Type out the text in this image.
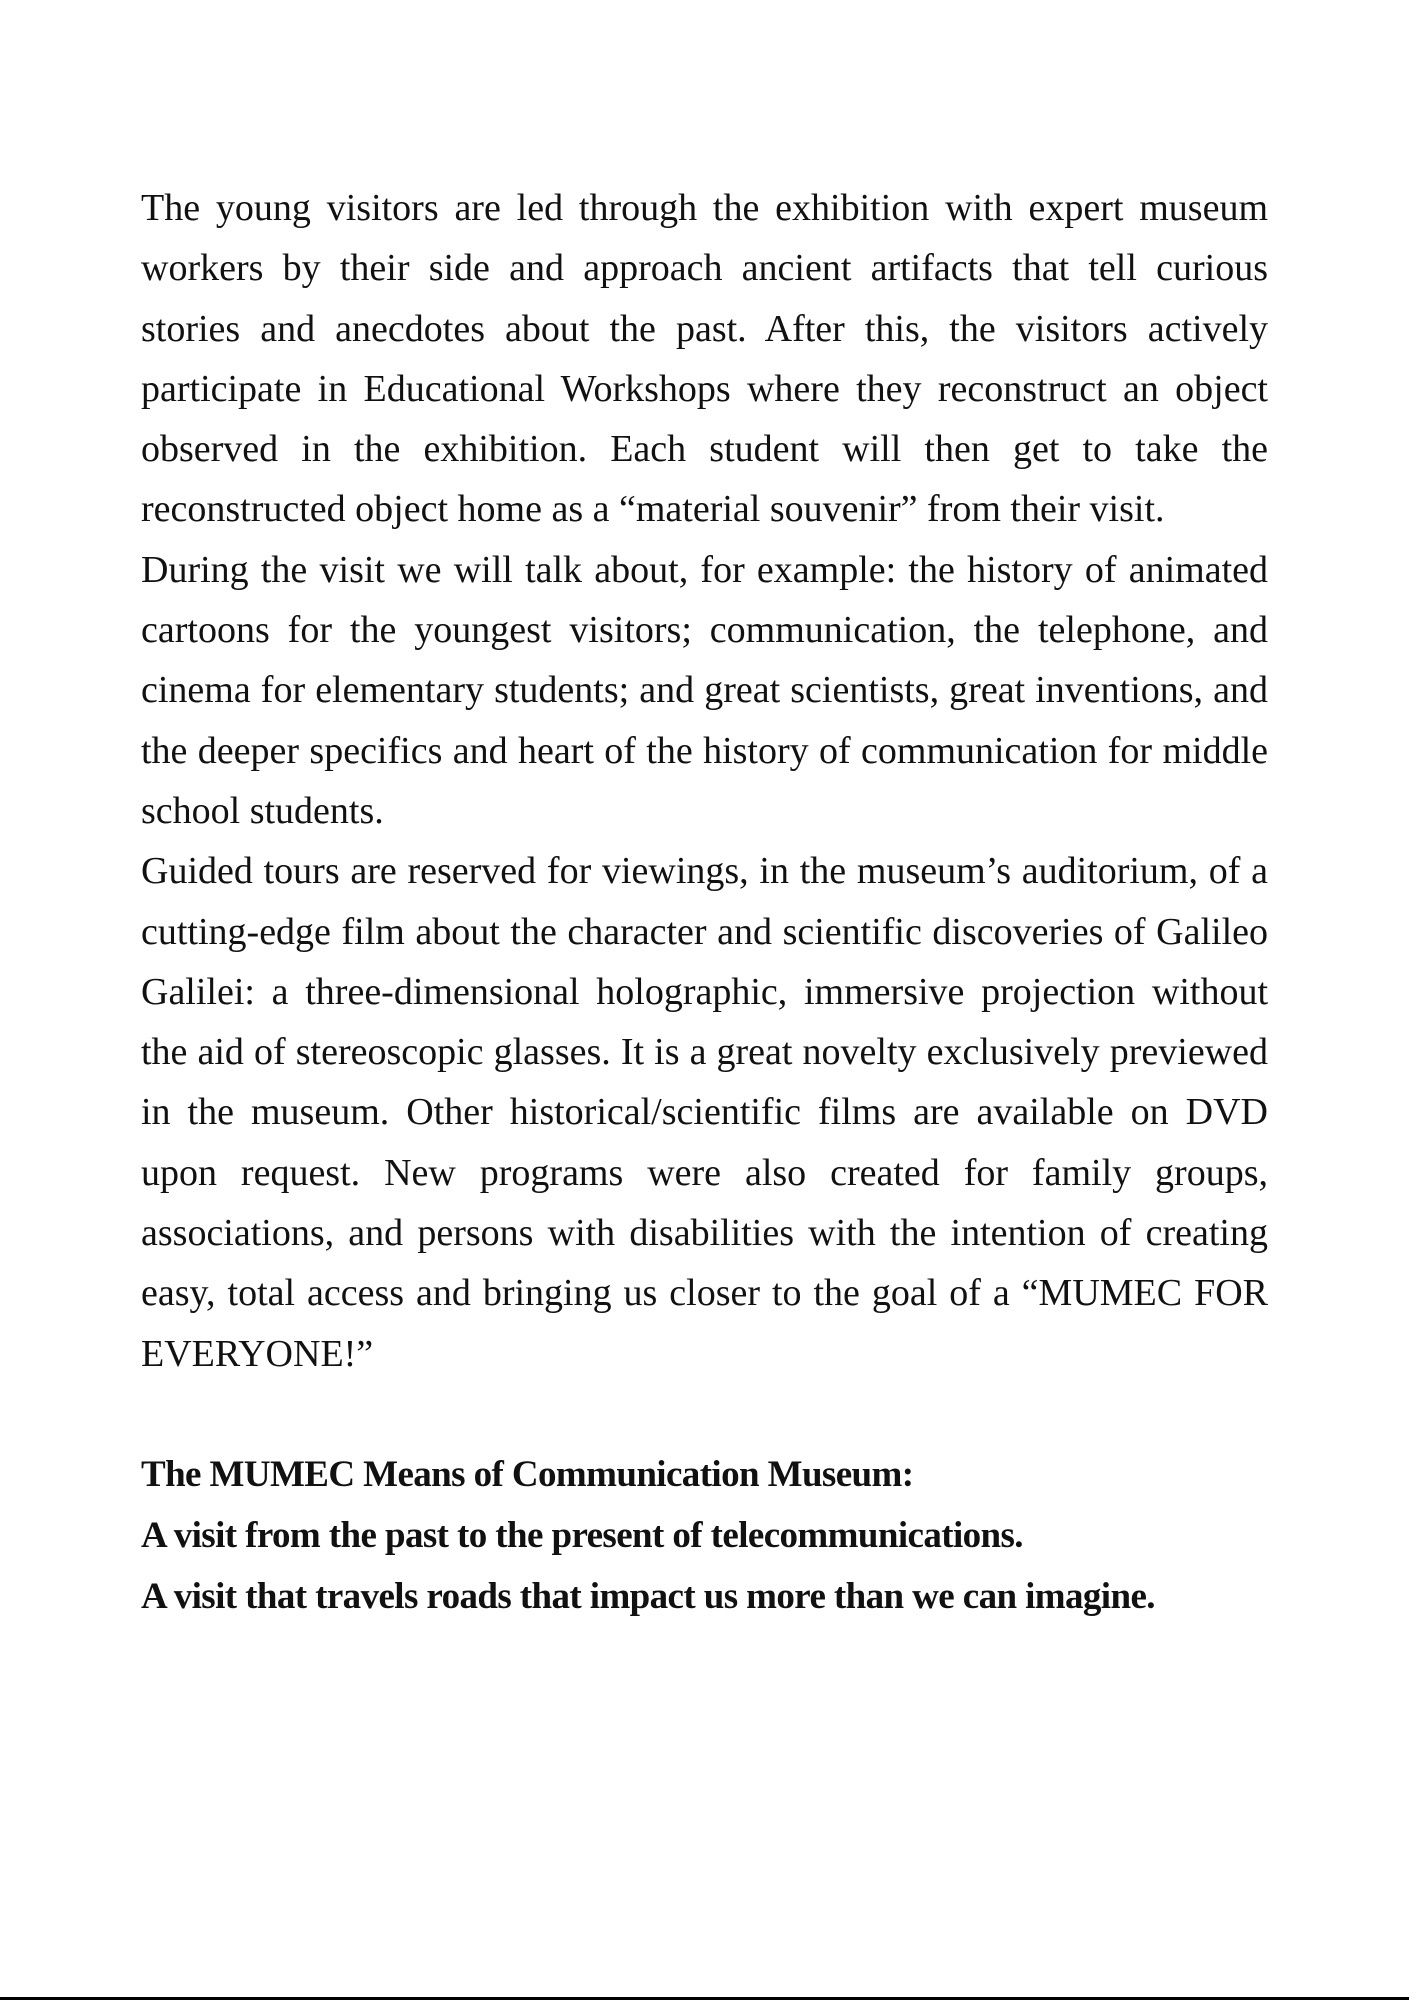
The young visitors are led through the exhibition with expert museum workers by their side and approach ancient artifacts that tell curious stories and anecdotes about the past. After this, the visitors actively participate in Educational Workshops where they reconstruct an object observed in the exhibition. Each student will then get to take the reconstructed object home as a “material souvenir” from their visit.

During the visit we will talk about, for example: the history of animated cartoons for the youngest visitors; communication, the telephone, and cinema for elementary students; and great scientists, great inventions, and the deeper specifics and heart of the history of communication for middle school students.

Guided tours are reserved for viewings, in the museum’s auditorium, of a cutting-edge film about the character and scientific discoveries of Galileo Galilei: a three-dimensional holographic, immersive projection without the aid of stereoscopic glasses. It is a great novelty exclusively previewed in the museum. Other historical/scientific films are available on DVD upon request. New programs were also created for family groups, associations, and persons with disabilities with the intention of creating easy, total access and bringing us closer to the goal of a “MUMEC FOR EVERYONE!”

The MUMEC Means of Communication Museum:

A visit from the past to the present of telecommunications.

A visit that travels roads that impact us more than we can imagine.
